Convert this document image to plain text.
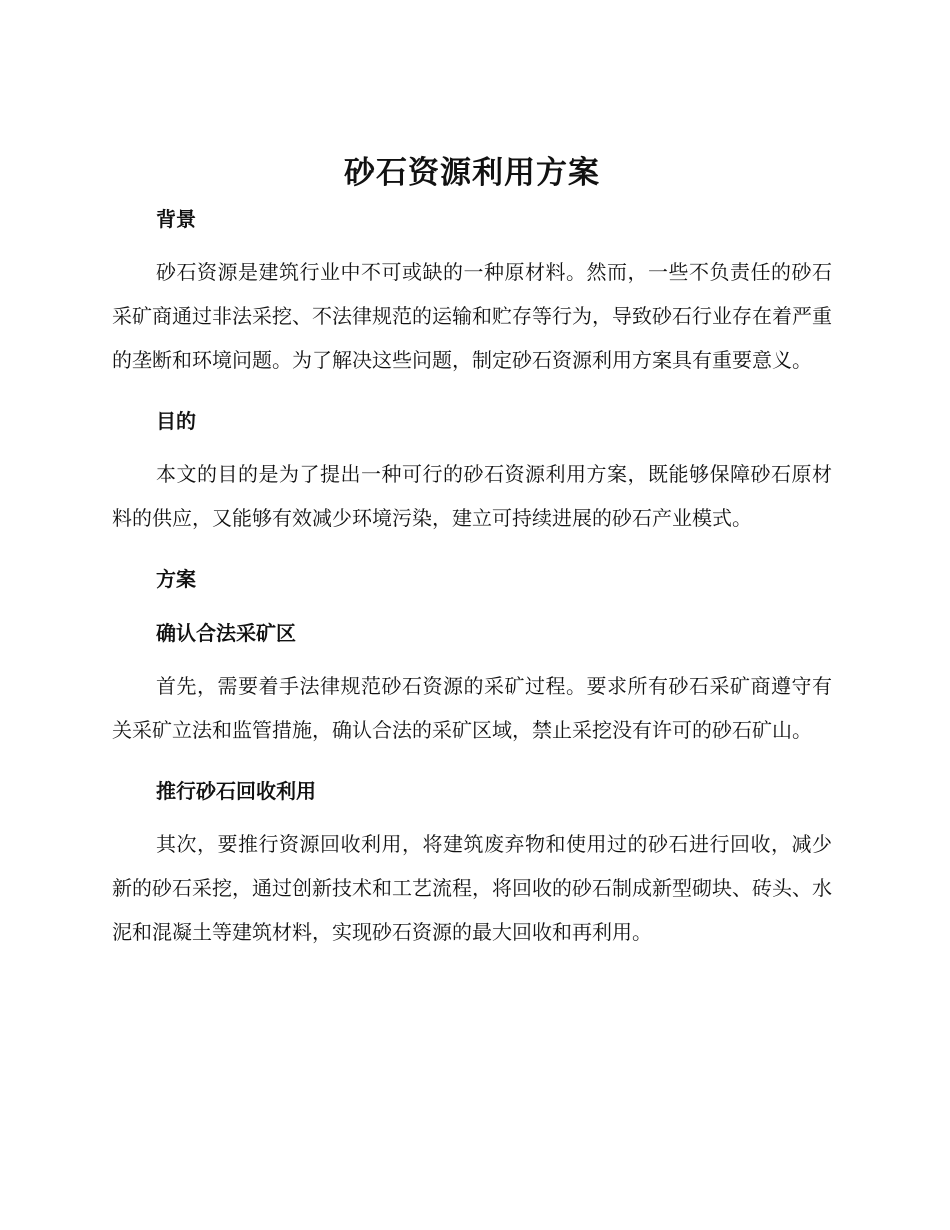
砂石资源利用方案
背景

砂石资源是建筑行业中不可或缺的一种原材料。然而，一些不负责任的砂石采矿商通过非法采挖、不法律规范的运输和贮存等行为，导致砂石行业存在着严重的垄断和环境问题。为了解决这些问题，制定砂石资源利用方案具有重要意义。

目的

本文的目的是为了提出一种可行的砂石资源利用方案，既能够保障砂石原材料的供应，又能够有效减少环境污染，建立可持续进展的砂石产业模式。

方案
确认合法采矿区

首先，需要着手法律规范砂石资源的采矿过程。要求所有砂石采矿商遵守有关采矿立法和监管措施，确认合法的采矿区域，禁止采挖没有许可的砂石矿山。

推行砂石回收利用

其次，要推行资源回收利用，将建筑废弃物和使用过的砂石进行回收，减少新的砂石采挖，通过创新技术和工艺流程，将回收的砂石制成新型砌块、砖头、水泥和混凝土等建筑材料，实现砂石资源的最大回收和再利用。
